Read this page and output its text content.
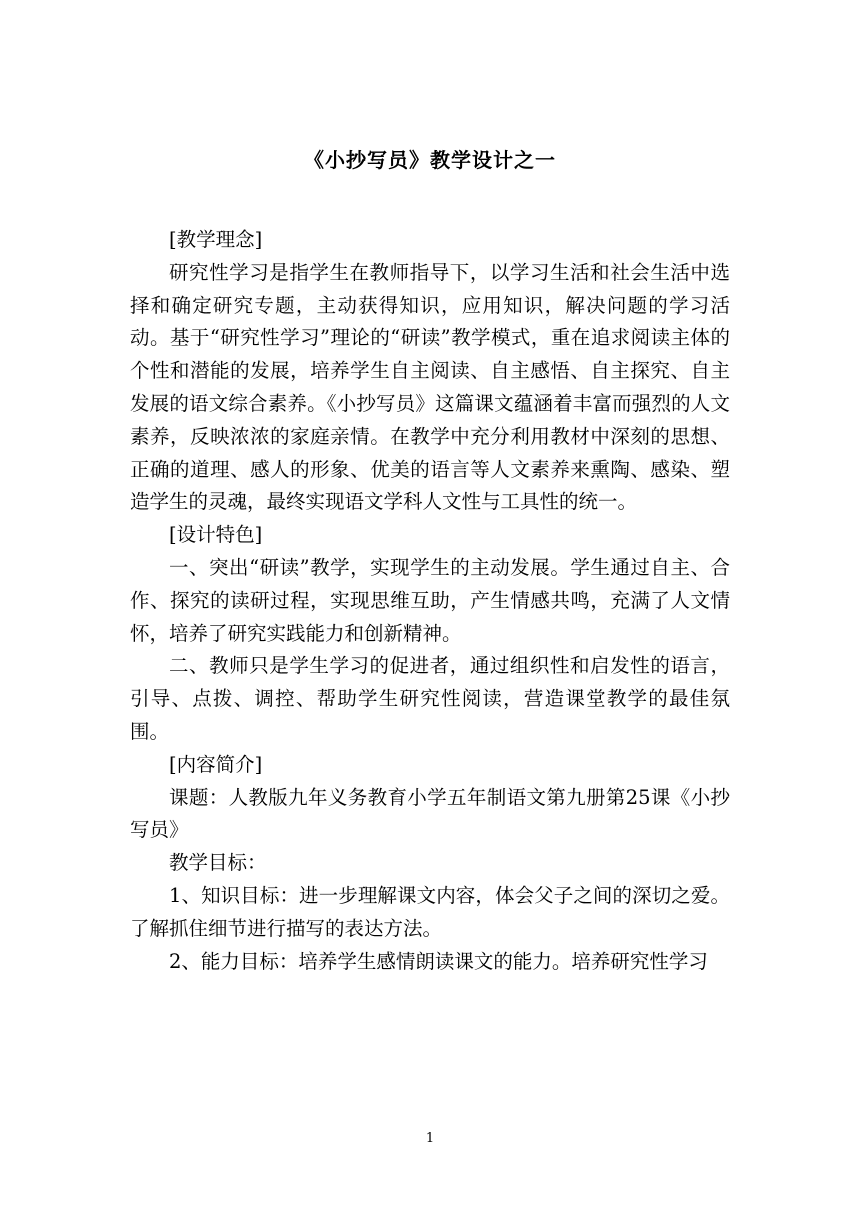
《小抄写员》教学设计之一

[教学理念]

研究性学习是指学生在教师指导下，以学习生活和社会生活中选择和确定研究专题，主动获得知识，应用知识，解决问题的学习活动。基于“研究性学习”理论的“研读”教学模式，重在追求阅读主体的个性和潜能的发展，培养学生自主阅读、自主感悟、自主探究、自主发展的语文综合素养。《小抄写员》这篇课文蕴涵着丰富而强烈的人文素养，反映浓浓的家庭亲情。在教学中充分利用教材中深刻的思想、正确的道理、感人的形象、优美的语言等人文素养来熏陶、感染、塑造学生的灵魂，最终实现语文学科人文性与工具性的统一。

[设计特色]

一、突出“研读”教学，实现学生的主动发展。学生通过自主、合作、探究的读研过程，实现思维互助，产生情感共鸣，充满了人文情怀，培养了研究实践能力和创新精神。

二、教师只是学生学习的促进者，通过组织性和启发性的语言，引导、点拨、调控、帮助学生研究性阅读，营造课堂教学的最佳氛围。

[内容简介]

课题：人教版九年义务教育小学五年制语文第九册第25课《小抄写员》

教学目标：

1、知识目标：进一步理解课文内容，体会父子之间的深切之爱。了解抓住细节进行描写的表达方法。

2、能力目标：培养学生感情朗读课文的能力。培养研究性学习

1
